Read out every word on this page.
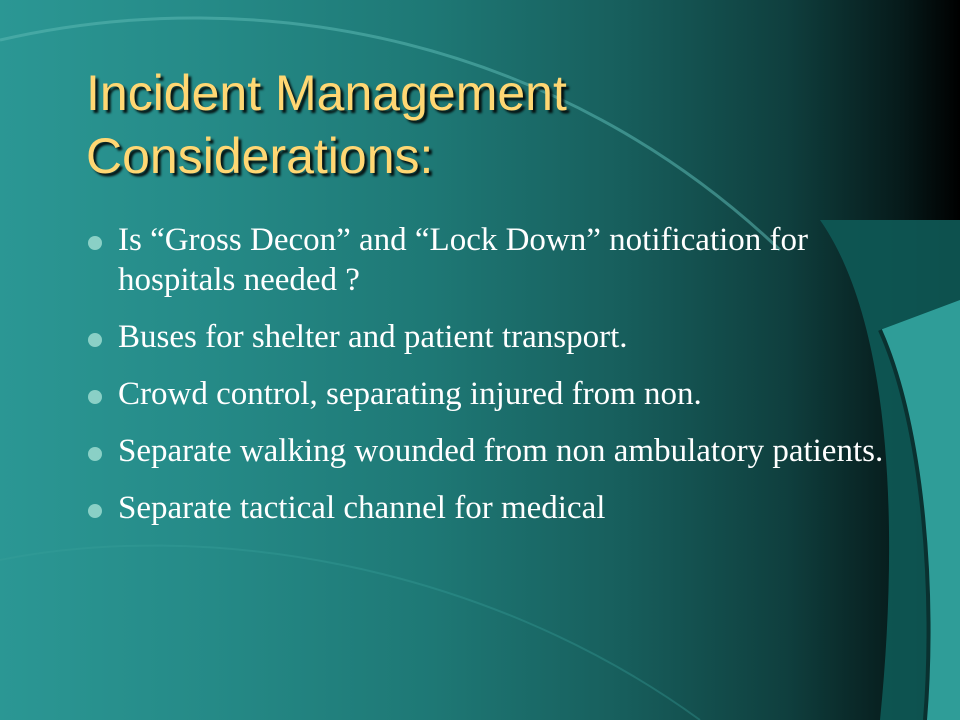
Incident Management
Considerations:
Is “Gross Decon” and “Lock Down” notification for hospitals needed ?
Buses for shelter and patient transport.
Crowd control, separating injured from non.
Separate walking wounded from non ambulatory patients.
Separate tactical channel for medical
